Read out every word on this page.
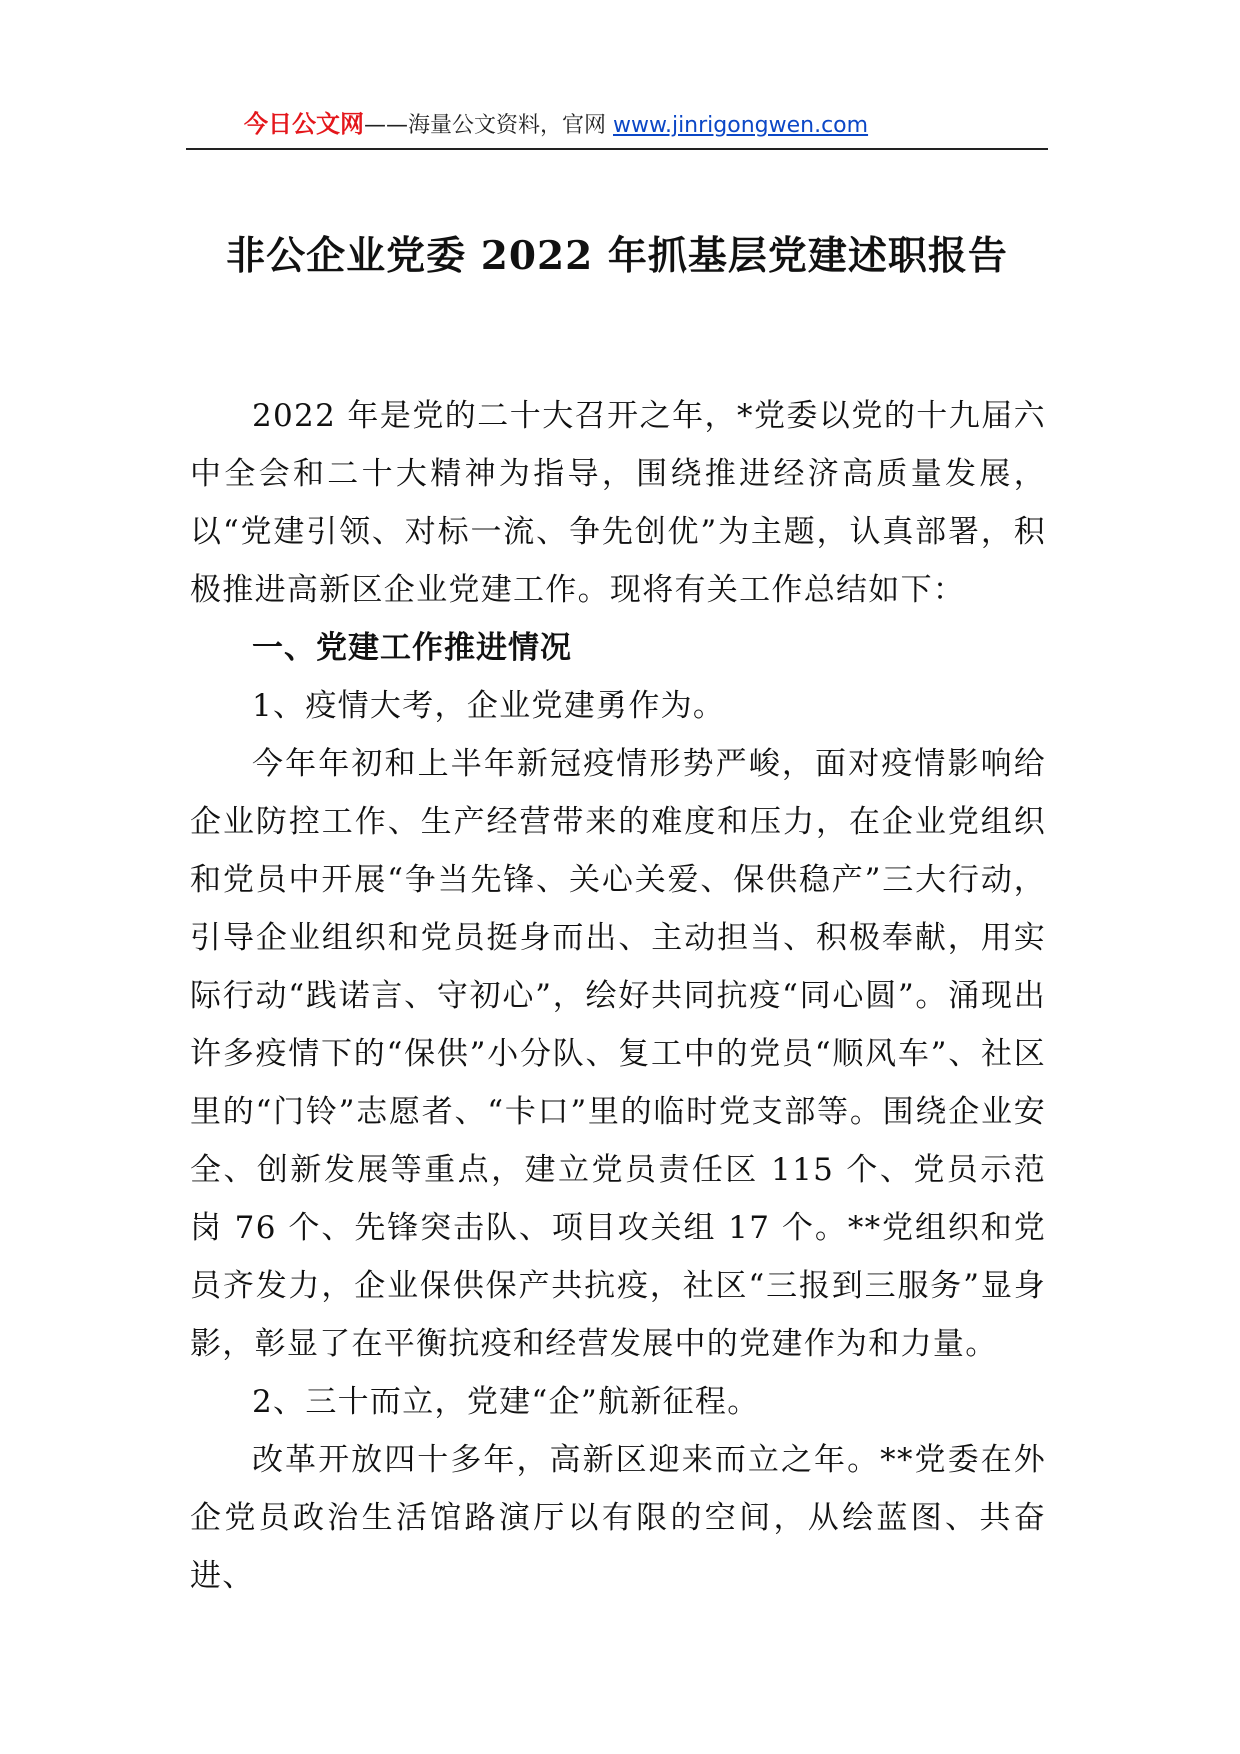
今日公文网——海量公文资料，官网 www.jinrigongwen.com
非公企业党委 2022 年抓基层党建述职报告

2022 年是党的二十大召开之年，*党委以党的十九届六中全会和二十大精神为指导，围绕推进经济高质量发展，以“党建引领、对标一流、争先创优”为主题，认真部署，积极推进高新区企业党建工作。现将有关工作总结如下：

一、党建工作推进情况

1、疫情大考，企业党建勇作为。

今年年初和上半年新冠疫情形势严峻，面对疫情影响给企业防控工作、生产经营带来的难度和压力，在企业党组织和党员中开展“争当先锋、关心关爱、保供稳产”三大行动，引导企业组织和党员挺身而出、主动担当、积极奉献，用实际行动“践诺言、守初心”，绘好共同抗疫“同心圆”。涌现出许多疫情下的“保供”小分队、复工中的党员“顺风车”、社区里的“门铃”志愿者、“卡口”里的临时党支部等。围绕企业安全、创新发展等重点，建立党员责任区 115 个、党员示范岗 76 个、先锋突击队、项目攻关组 17 个。**党组织和党员齐发力，企业保供保产共抗疫，社区“三报到三服务”显身影，彰显了在平衡抗疫和经营发展中的党建作为和力量。

2、三十而立，党建“企”航新征程。

改革开放四十多年，高新区迎来而立之年。**党委在外企党员政治生活馆路演厅以有限的空间，从绘蓝图、共奋进、
